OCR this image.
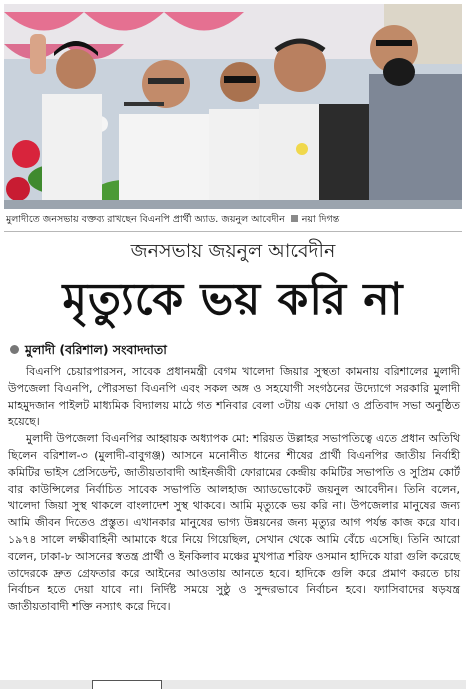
মুলাদীতে জনসভায় বক্তব্য রাখছেন বিএনপি প্রার্থী অ্যাড. জয়নুল আবেদীন নয়া দিগন্ত
জনসভায় জয়নুল আবেদীন
মৃত্যুকে ভয় করি না
মুলাদী (বরিশাল) সংবাদদাতা

বিএনপি চেয়ারপারসন, সাবেক প্রধানমন্ত্রী বেগম খালেদা জিয়ার সুস্থতা কামনায় বরিশালের মুলাদী উপজেলা বিএনপি, পৌরসভা বিএনপি এবং সকল অঙ্গ ও সহযোগী সংগঠনের উদ্যোগে সরকারি মুলাদী মাহমুদজান পাইলট মাধ্যমিক বিদ্যালয় মাঠে গত শনিবার বেলা ৩টায় এক দোয়া ও প্রতিবাদ সভা অনুষ্ঠিত হয়েছে।

মুলাদী উপজেলা বিএনপির আহ্বায়ক অধ্যাপক মো: শরিয়ত উল্লাহর সভাপতিত্বে এতে প্রধান অতিথি ছিলেন বরিশাল-৩ (মুলাদী-বাবুগঞ্জ) আসনে মনোনীত ধানের শীষের প্রার্থী বিএনপির জাতীয় নির্বাহী কমিটির ভাইস প্রেসিডেন্ট, জাতীয়তাবাদী আইনজীবী ফোরামের কেন্দ্রীয় কমিটির সভাপতি ও সুপ্রিম কোর্ট বার কাউন্সিলের নির্বাচিত সাবেক সভাপতি আলহাজ অ্যাডভোকেট জয়নুল আবেদীন। তিনি বলেন, খালেদা জিয়া সুস্থ থাকলে বাংলাদেশ সুস্থ থাকবে। আমি মৃত্যুকে ভয় করি না। উপজেলার মানুষের জন্য আমি জীবন দিতেও প্রস্তুত। এখানকার মানুষের ভাগ্য উন্নয়নের জন্য মৃত্যুর আগ পর্যন্ত কাজ করে যাব। ১৯৭৪ সালে লক্ষীবাহিনী আমাকে ধরে নিয়ে গিয়েছিল, সেখান থেকে আমি বেঁচে এসেছি। তিনি আরো বলেন, ঢাকা-৮ আসনের স্বতন্ত্র প্রার্থী ও ইনকিলাব মঞ্চের মুখপাত্র শরিফ ওসমান হাদিকে যারা গুলি করেছে তাদেরকে দ্রুত গ্রেফতার করে আইনের আওতায় আনতে হবে। হাদিকে গুলি করে প্রমাণ করতে চায় নির্বাচন হতে দেয়া যাবে না। নির্দিষ্ট সময়ে সুষ্ঠু ও সুন্দরভাবে নির্বাচন হবে। ফ্যাসিবাদের ষড়যন্ত্র জাতীয়তাবাদী শক্তি নস্যাৎ করে দিবে।
